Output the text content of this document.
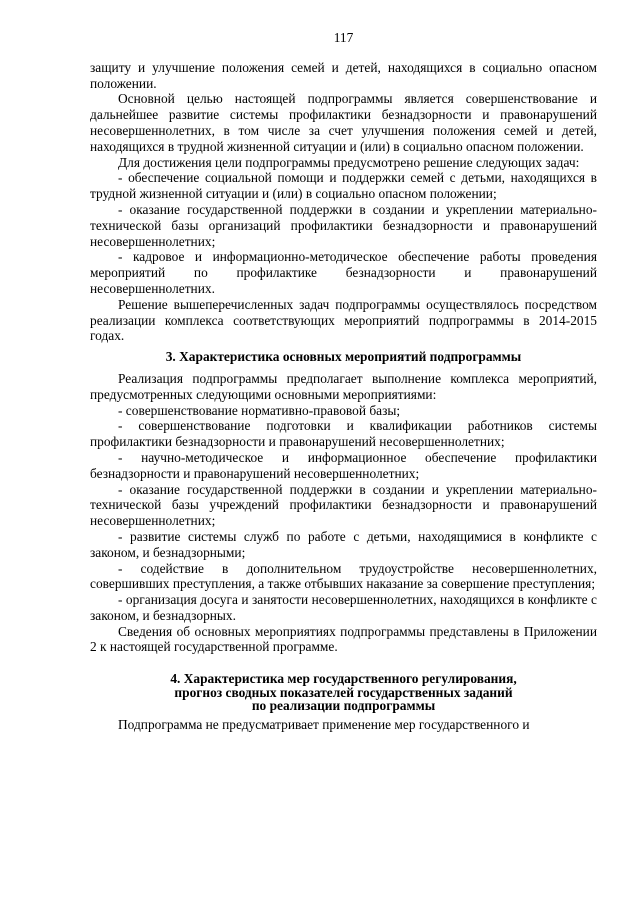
117

защиту и улучшение положения семей и детей, находящихся в социально опасном положении.

Основной целью настоящей подпрограммы является совершенствование и дальнейшее развитие системы профилактики безнадзорности и правонарушений несовершеннолетних, в том числе за счет улучшения положения семей и детей, находящихся в трудной жизненной ситуации и (или) в социально опасном положении.

Для достижения цели подпрограммы предусмотрено решение следующих задач:

- обеспечение социальной помощи и поддержки семей с детьми, находящихся в трудной жизненной ситуации и (или) в социально опасном положении;

- оказание государственной поддержки в создании и укреплении материально-технической базы организаций профилактики безнадзорности и правонарушений несовершеннолетних;

- кадровое и информационно-методическое обеспечение работы проведения мероприятий по профилактике безнадзорности и правонарушений несовершеннолетних.

Решение вышеперечисленных задач подпрограммы осуществлялось посредством реализации комплекса соответствующих мероприятий подпрограммы в 2014-2015 годах.

3. Характеристика основных мероприятий подпрограммы

Реализация подпрограммы предполагает выполнение комплекса мероприятий, предусмотренных следующими основными мероприятиями:

- совершенствование нормативно-правовой базы;

- совершенствование подготовки и квалификации работников системы профилактики безнадзорности и правонарушений несовершеннолетних;

- научно-методическое и информационное обеспечение профилактики безнадзорности и правонарушений несовершеннолетних;

- оказание государственной поддержки в создании и укреплении материально-технической базы учреждений профилактики безнадзорности и правонарушений несовершеннолетних;

- развитие системы служб по работе с детьми, находящимися в конфликте с законом, и безнадзорными;

- содействие в дополнительном трудоустройстве несовершеннолетних, совершивших преступления, а также отбывших наказание за совершение преступления;

- организация досуга и занятости несовершеннолетних, находящихся в конфликте с законом, и безнадзорных.

Сведения об основных мероприятиях подпрограммы представлены в Приложении 2 к настоящей государственной программе.

4. Характеристика мер государственного регулирования,
прогноз сводных показателей государственных заданий
по реализации подпрограммы

Подпрограмма не предусматривает применение мер государственного и
